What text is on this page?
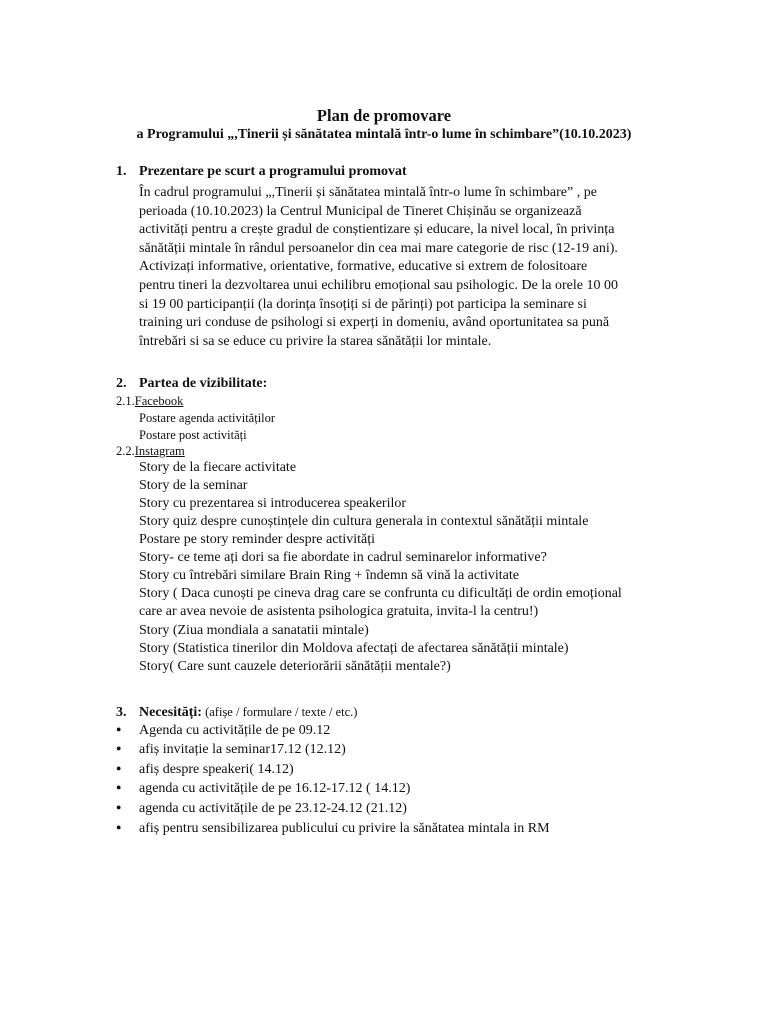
Plan de promovare
a Programului „,Tinerii și sănătatea mintală într-o lume în schimbare”(10.10.2023)
1. Prezentare pe scurt a programului promovat
În cadrul programului „,Tinerii și sănătatea mintală într-o lume în schimbare” , pe
perioada (10.10.2023) la Centrul Municipal de Tineret Chișinău se organizează
activități pentru a crește gradul de conștientizare și educare, la nivel local, în privința
sănătății mintale în rândul persoanelor din cea mai mare categorie de risc (12-19 ani).
Activizați informative, orientative, formative, educative si extrem de folositoare
pentru tineri la dezvoltarea unui echilibru emoțional sau psihologic. De la orele 10 00
si 19 00 participanții (la dorința însoțiți si de părinți) pot participa la seminare si
training uri conduse de psihologi si experți in domeniu, având oportunitatea sa pună
întrebări si sa se educe cu privire la starea sănătății lor mintale.
2. Partea de vizibilitate:
2.1.Facebook
Postare agenda activităților
Postare post activități
2.2.Instagram
Story de la fiecare activitate
Story de la seminar
Story cu prezentarea si introducerea speakerilor
Story quiz despre cunoștințele din cultura generala in contextul sănătății mintale
Postare pe story reminder despre activități
Story- ce teme ați dori sa fie abordate in cadrul seminarelor informative?
Story cu întrebări similare Brain Ring + îndemn să vină la activitate
Story ( Daca cunoști pe cineva drag care se confrunta cu dificultăți de ordin emoțional
care ar avea nevoie de asistenta psihologica gratuita, invita-l la centru!)
Story (Ziua mondiala a sanatatii mintale)
Story (Statistica tinerilor din Moldova afectați de afectarea sănătății mintale)
Story( Care sunt cauzele deteriorării sănătății mentale?)
3. Necesități: (afișe / formulare / texte / etc.)
● Agenda cu activitățile de pe 09.12
● afiș invitație la seminar17.12 (12.12)
● afiș despre speakeri( 14.12)
● agenda cu activitățile de pe 16.12-17.12 ( 14.12)
● agenda cu activitățile de pe 23.12-24.12 (21.12)
● afiș pentru sensibilizarea publicului cu privire la sănătatea mintala in RM
